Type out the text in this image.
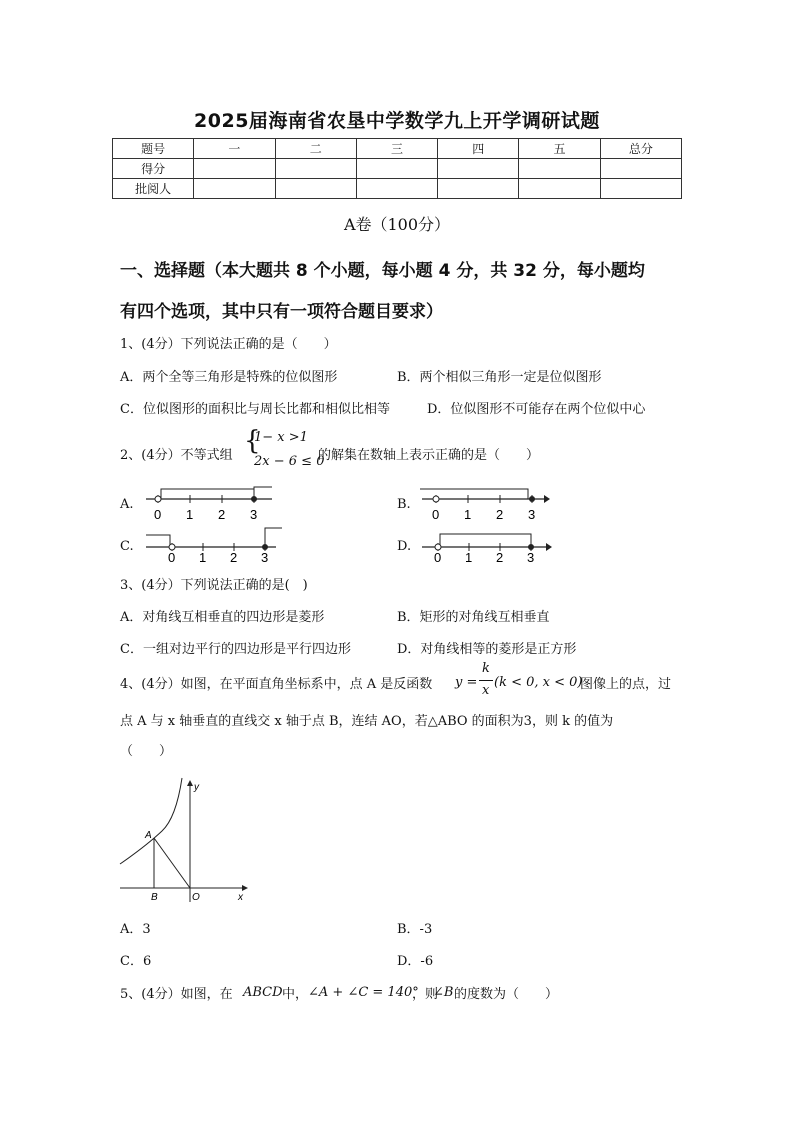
2025届海南省农垦中学数学九上开学调研试题
题号	一	二	三	四	五	总分
得分						
批阅人						
A卷（100分）
一、选择题（本大题共 8 个小题，每小题 4 分，共 32 分，每小题均
有四个选项，其中只有一项符合题目要求）
1、(4分）下列说法正确的是（　　）
A．两个全等三角形是特殊的位似图形	B．两个相似三角形一定是位似图形
C．位似图形的面积比与周长比都和相似比相等	D．位似图形不可能存在两个位似中心
2、(4分）不等式组 {
1− x >1
2x − 6 ≤ 0
的解集在数轴上表示正确的是（　　）
A.	B.
C.	D.
0 1 2 3	0 1 2 3
0 1 2 3	0 1 2 3
3、(4分）下列说法正确的是(　)
A．对角线互相垂直的四边形是菱形	B．矩形的对角线互相垂直
C．一组对边平行的四边形是平行四边形	D．对角线相等的菱形是正方形
4、(4分）如图，在平面直角坐标系中，点 A 是反函数 y =
k
x
(k < 0, x < 0)
图像上的点，过
点 A 与 x 轴垂直的直线交 x 轴于点 B，连结 AO，若△ABO 的面积为3，则 k 的值为
（　　）
y
x
A
B	O
A．3	B．-3
C．6	D．-6
5、(4分）如图，在 ABCD 中， ∠A + ∠C = 140°
，则
∠B 的度数为（　　）
